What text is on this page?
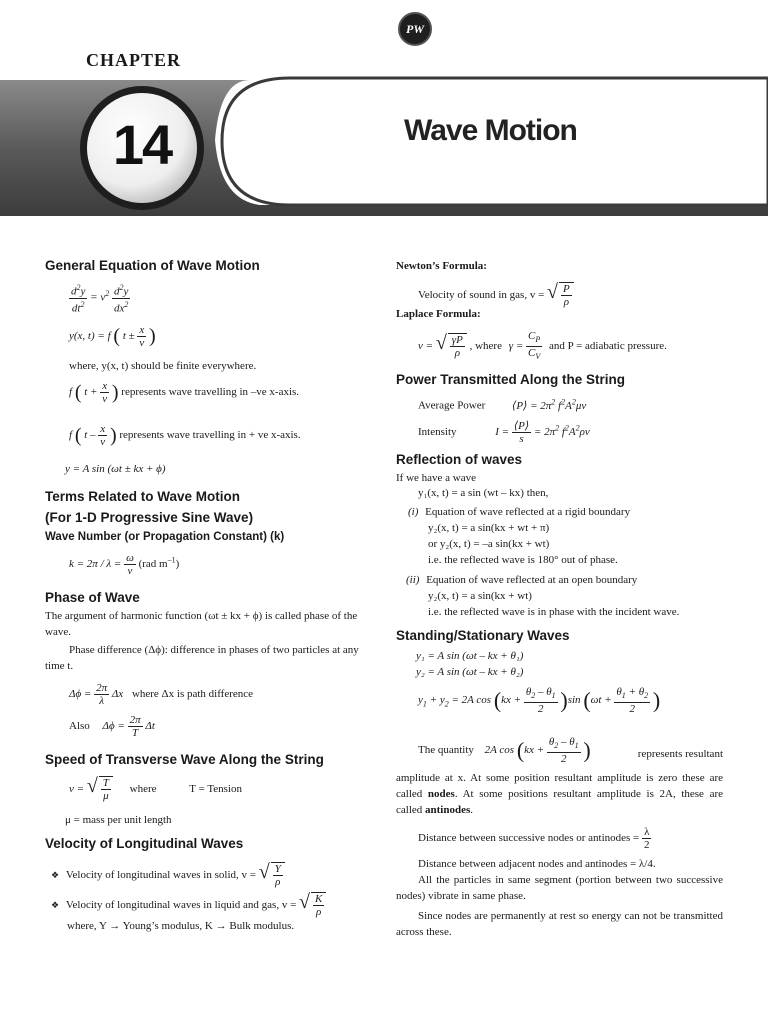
PW
CHAPTER
14	Wave Motion
General Equation of Wave Motion
$\frac{d^2y}{dt^2} = v^2 \frac{d^2y}{dx^2}$
y(x, t) = f ( $t \pm \frac{x}{v}$ )
where, y(x, t) should be finite everywhere.
f ( $t + \frac{x}{v}$ ) represents wave travelling in –ve x-axis.
f ( t – $\frac{x}{v}$ ) represents wave travelling in + ve x-axis.
y = A sin (ωt ± kx + ϕ)
Terms Related to Wave Motion
(For 1-D Progressive Sine Wave)
Wave Number (or Propagation Constant) (k)
$k = 2\pi / \lambda = \frac{\omega}{v} (rad$ $m^{-1}$)
Phase of Wave
The argument of harmonic function (ωt ± kx + ϕ) is called phase of the wave.
Phase difference (Δϕ): difference in phases of two particles at any time t.
$\Delta\phi = \frac{2\pi}{\lambda}$ Δx where Δx is path difference
Also $\Delta\phi = \frac{2\pi}{T}$ Δt
Speed of Transverse Wave Along the String
v = √ $\frac{T}{\mu}$ where	T = Tension
μ = mass per unit length
Velocity of Longitudinal Waves
❖ Velocity of longitudinal waves in solid, v = √ $\frac{Y}{\rho}$
❖ Velocity of longitudinal waves in liquid and gas, v = √ $\frac{K}{\rho}$
where, Y → Young’s modulus, K → Bulk modulus.
Newton’s Formula:
Velocity of sound in gas, v = √ $\frac{P}{\rho}$
Laplace Formula:
v = √ $\frac{\gamma P}{\rho}$ , where $\gamma = \frac{C_P}{C_V}$ and P = adiabatic pressure.
Power Transmitted Along the String
Average Power ⟨P⟩ = $2\pi^2$ $f^2A^2\mu v$
Intensity	$I = \frac{⟨P⟩}{s} = 2\pi^2$ $f^2A^2\rho v$
Reflection of waves
If we have a wave
y₁(x, t) = a sin (wt – kx) then,
(i) Equation of wave reflected at a rigid boundary
y₂(x, t) = a sin(kx + wt + π)
or y₂(x, t) = –a sin(kx + wt)
i.e. the reflected wave is 180° out of phase.
(ii) Equation of wave reflected at an open boundary
y₂(x, t) = a sin(kx + wt)
i.e. the reflected wave is in phase with the incident wave.
Standing/Stationary Waves
y₁ = A sin (ωt – kx + θ₁)
y₂ = A sin (ωt – kx + θ₂)
$y_1 + y_2 = 2A$ $\cos (kx + \frac{\theta_2 - \theta_1}{2} )\sin$ ($\omega t + \frac{\theta_1 + \theta_2}{2}$ )
The quantity 2A $\cos (kx + \frac{\theta_2 - \theta_1}{2}$ )	represents resultant
amplitude at x. At some position resultant amplitude is zero these are called nodes. At some positions resultant amplitude is 2A, these are called antinodes.
Distance between successive nodes or antinodes = $\frac{\lambda}{2}$
Distance between adjacent nodes and antinodes = λ/4.
All the particles in same segment (portion between two successive nodes) vibrate in same phase.
Since nodes are permanently at rest so energy can not be transmitted across these.
